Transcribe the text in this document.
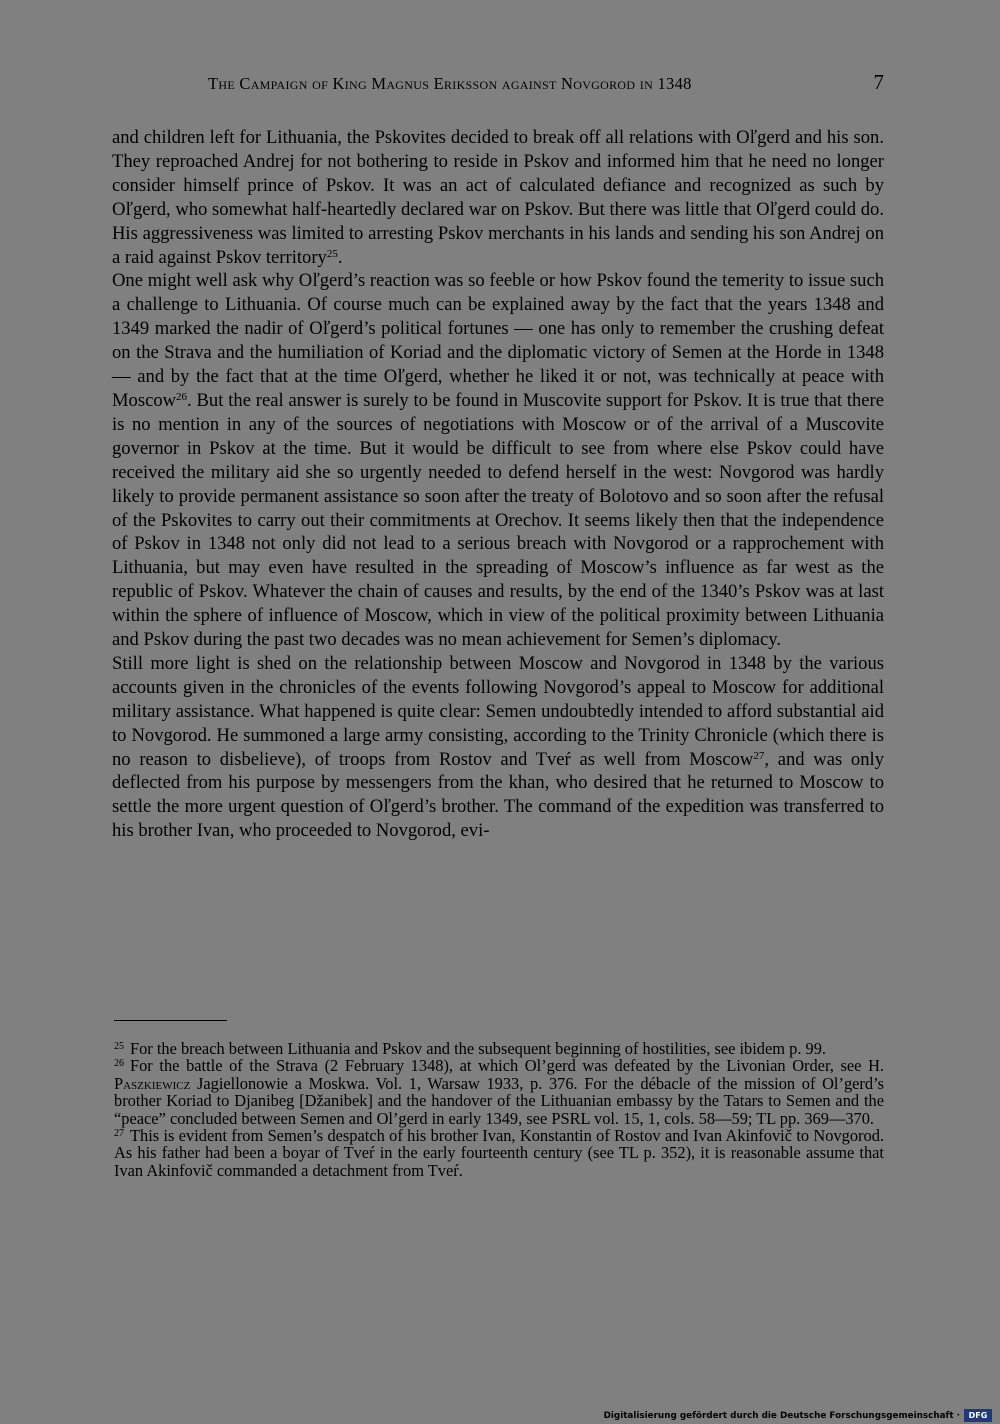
The Campaign of King Magnus Eriksson against Novgorod in 1348	7

and children left for Lithuania, the Pskovites decided to break off all relations with Oľgerd and his son. They reproached Andrej for not bothering to reside in Pskov and informed him that he need no longer consider himself prince of Pskov. It was an act of calculated defiance and recognized as such by Oľgerd, who somewhat half-heartedly declared war on Pskov. But there was little that Oľgerd could do. His aggressiveness was limited to arresting Pskov merchants in his lands and sending his son Andrej on a raid against Pskov territory$^{25}$.

One might well ask why Oľgerd’s reaction was so feeble or how Pskov found the temerity to issue such a challenge to Lithuania. Of course much can be explained away by the fact that the years 1348 and 1349 marked the nadir of Oľgerd’s political fortunes — one has only to remember the crushing defeat on the Strava and the humiliation of Koriad and the diplomatic victory of Semen at the Horde in 1348 — and by the fact that at the time Oľgerd, whether he liked it or not, was technically at peace with Moscow$^{26}$. But the real answer is surely to be found in Muscovite support for Pskov. It is true that there is no mention in any of the sources of negotiations with Moscow or of the arrival of a Muscovite governor in Pskov at the time. But it would be difficult to see from where else Pskov could have received the military aid she so urgently needed to defend herself in the west: Novgorod was hardly likely to provide permanent assistance so soon after the treaty of Bolotovo and so soon after the refusal of the Pskovites to carry out their commitments at Orechov. It seems likely then that the independence of Pskov in 1348 not only did not lead to a serious breach with Novgorod or a rapprochement with Lithuania, but may even have resulted in the spreading of Moscow’s influence as far west as the republic of Pskov. Whatever the chain of causes and results, by the end of the 1340’s Pskov was at last within the sphere of influence of Moscow, which in view of the political proximity between Lithuania and Pskov during the past two decades was no mean achievement for Semen’s diplomacy.

Still more light is shed on the relationship between Moscow and Novgorod in 1348 by the various accounts given in the chronicles of the events following Novgorod’s appeal to Moscow for additional military assistance. What happened is quite clear: Semen undoubtedly intended to afford substantial aid to Novgorod. He summoned a large army consisting, according to the Trinity Chronicle (which there is no reason to disbelieve), of troops from Rostov and Tveŕ as well from Moscow$^{27}$, and was only deflected from his purpose by messengers from the khan, who desired that he returned to Moscow to settle the more urgent question of Oľgerd’s brother. The command of the expedition was transferred to his brother Ivan, who proceeded to Novgorod, evi-

$^{25}$ For the breach between Lithuania and Pskov and the subsequent beginning of hostilities, see ibidem p. 99.

$^{26}$ For the battle of the Strava (2 February 1348), at which Ol’gerd was defeated by the Livonian Order, see H. Paszkiewicz Jagiellonowie a Moskwa. Vol. 1, Warsaw 1933, p. 376. For the débacle of the mission of Ol’gerd’s brother Koriad to Djanibeg [Džanibek] and the handover of the Lithuanian embassy by the Tatars to Semen and the “peace” concluded between Semen and Ol’gerd in early 1349, see PSRL vol. 15, 1, cols. 58—59; TL pp. 369—370.

$^{27}$ This is evident from Semen’s despatch of his brother Ivan, Konstantin of Rostov and Ivan Akinfovič to Novgorod. As his father had been a boyar of Tveŕ in the early fourteenth century (see TL p. 352), it is reasonable assume that Ivan Akinfovič commanded a detachment from Tveŕ.

Digitalisierung gefördert durch die Deutsche Forschungsgemeinschaft ·	DFG
